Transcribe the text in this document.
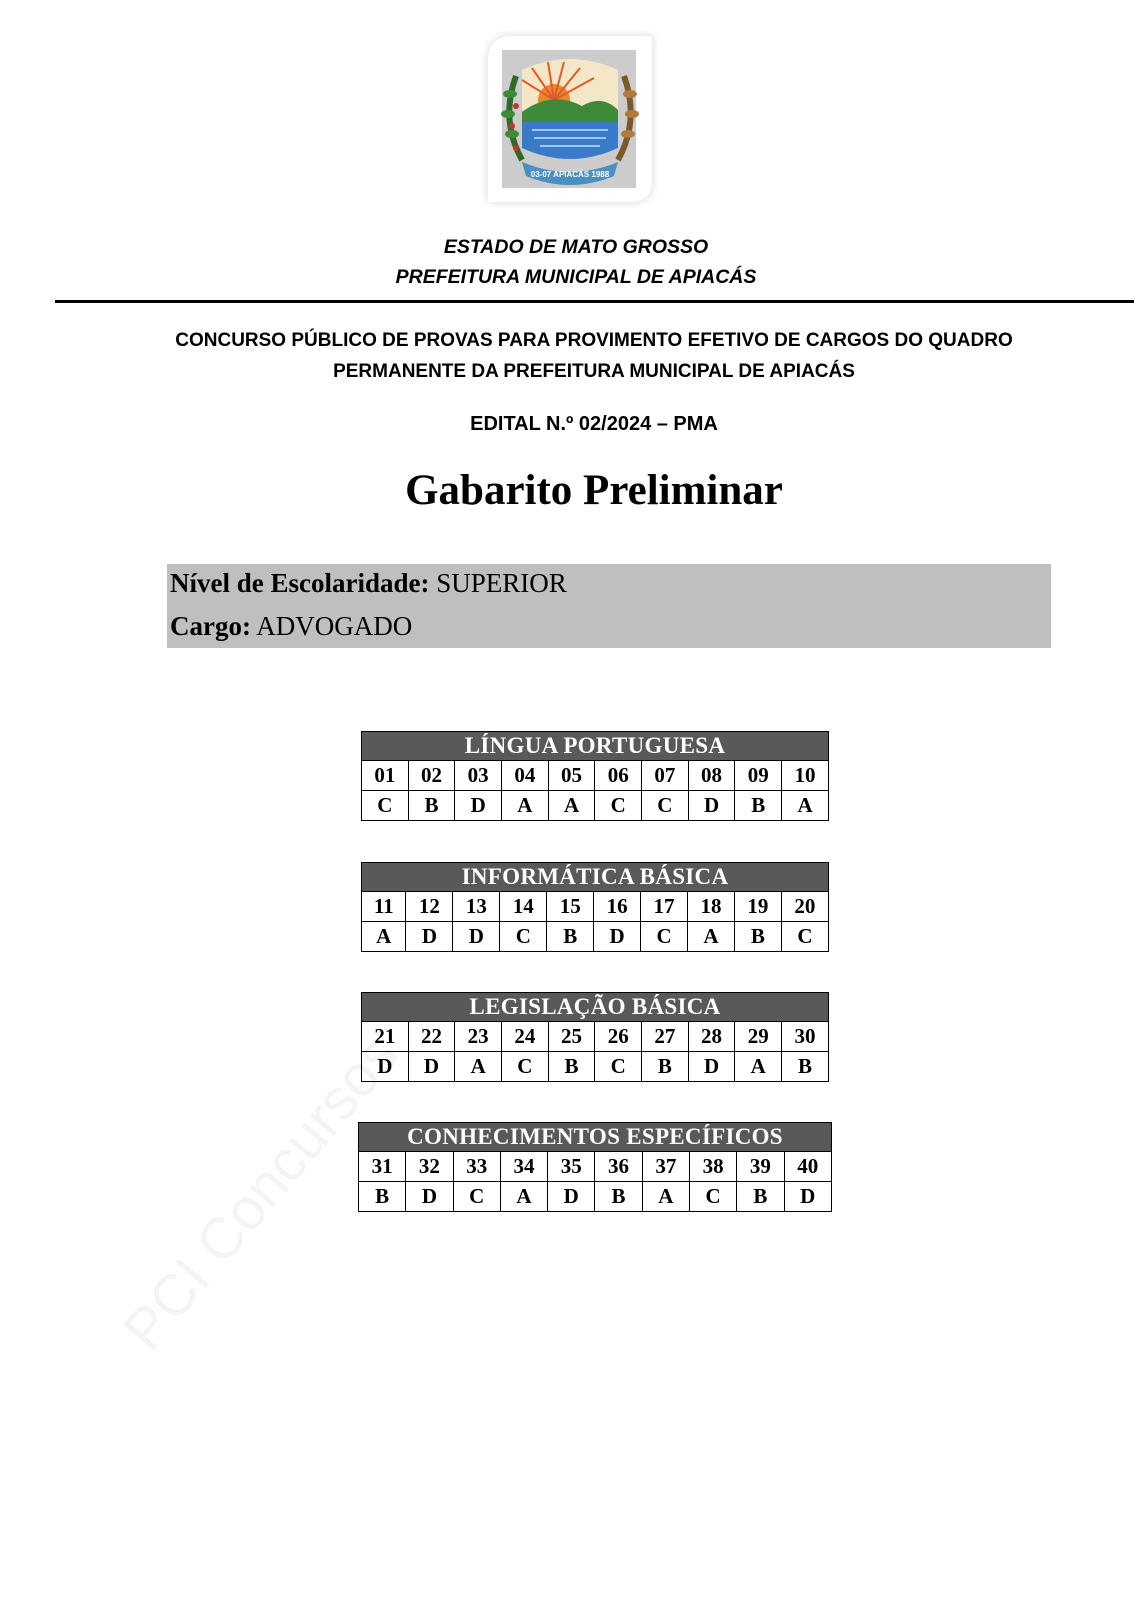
03-07 APIACÁS 1988
ESTADO DE MATO GROSSO
PREFEITURA MUNICIPAL DE APIACÁS
CONCURSO PÚBLICO DE PROVAS PARA PROVIMENTO EFETIVO DE CARGOS DO QUADRO
PERMANENTE DA PREFEITURA MUNICIPAL DE APIACÁS
EDITAL N.º 02/2024 – PMA
Gabarito Preliminar
Nível de Escolaridade: SUPERIOR
Cargo: ADVOGADO
LÍNGUA PORTUGUESA									
01	02	03	04	05	06	07	08	09	10
C	B	D	A	A	C	C	D	B	A
INFORMÁTICA BÁSICA									
11	12	13	14	15	16	17	18	19	20
A	D	D	C	B	D	C	A	B	C
LEGISLAÇÃO BÁSICA									
21	22	23	24	25	26	27	28	29	30
D	D	A	C	B	C	B	D	A	B
CONHECIMENTOS ESPECÍFICOS									
31	32	33	34	35	36	37	38	39	40
B	D	C	A	D	B	A	C	B	D
